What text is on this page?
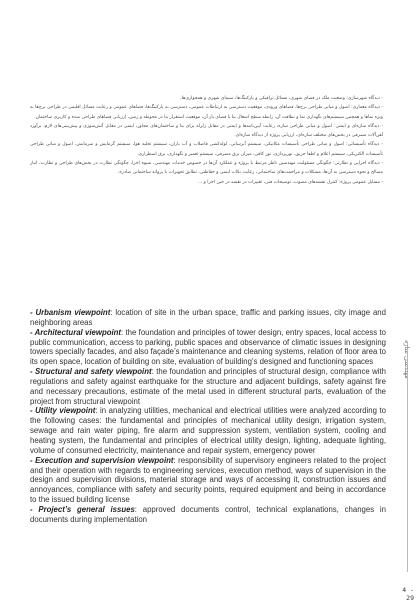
- دیدگاه شهرسازی: وضعیت ملک در فضای شهری، مسائل ترافیکی و پارکینگ‌ها، سیمای شهری و همجواری‌ها.

- دیدگاه معماری: اصول و مبانی طراحی برج‌ها، فضاهای ورودی، موقعیت دسترسی به ارتباطات عمومی، دسترسی به پارکینگ‌ها، فضاهای عمومی و رعایت مسائل اقلیمی در طراحی برج‌ها به ویژه نماها و همچنین سیستم‌های نگهداری نما و نظافت آن، رابطه سطح اشغال بنا با فضای باز آن، موقعیت استقرار بنا در محوطه و زمین، ارزیابی فضاهای طراحی شده و کاربری ساختمان.

- دیدگاه سازه‌ای و ایمنی: اصول و مبانی طراحی سازه، رعایت آیین‌نامه‌ها و ایمنی در مقابل زلزله برای بنا و ساختمان‌های مجاور، ایمنی در مقابل آتش‌سوزی و پیش‌بینی‌های لازم، برآورد آهن‌آلات مصرفی در بخش‌های مختلف سازه‌ای، ارزیابی پروژه از دیدگاه سازه‌ای.

- دیدگاه تأسیساتی: اصول و مبانی طراحی تأسیسات مکانیکی، سیستم آبرسانی، لوله‌کشی فاضلاب و آب باران، سیستم تخلیه هوا، سیستم گرمایش و سرمایش، اصول و مبانی طراحی تأسیسات الکتریکی، سیستم اعلام و اطفا حریق، نورپردازی، نور کافی، میزان برق مصرفی، سیستم تعمیر و نگهداری، برق اضطراری.

- دیدگاه اجرایی و نظارتی: چگونگی مسئولیت مهندسین ناظر مرتبط با پروژه و عملکرد آن‌ها در خصوص خدمات مهندسی، شیوه اجرا، چگونگی نظارت در بخش‌های طراحی و نظارت، انبار مصالح و نحوه دسترسی به آن‌ها، مشکلات و مزاحمت‌های ساختمانی، رعایت نکات ایمنی و حفاظتی، تطابق تجهیزات با پروانه ساختمانی صادره.

- مسایل عمومی پروژه: کنترل نقشه‌های مصوب، توضیحات فنی، تغییرات در نقشه در حین اجرا و ...

- Urbanism viewpoint: location of site in the urban space, traffic and parking issues, city image and neighboring areas

- Architectural viewpoint: the foundation and principles of tower design, entry spaces, local access to public communication, access to parking, public spaces and observance of climatic issues in designing towers specially facades, and also façade’s maintenance and cleaning systems, relation of floor area to its open space, location of building on site, evaluation of building’s designed and functioning spaces

- Structural and safety viewpoint: the foundation and principles of structural design, compliance with regulations and safety against earthquake for the structure and adjacent buildings, safety against fire and necessary precautions, estimate of the metal used in different structural parts, evaluation of the project from structural viewpoint

- Utility viewpoint: in analyzing utilities, mechanical and electrical utilities were analyzed according to the following cases: the fundamental and principles of mechanical utility design, irrigation system, sewage and rain water piping, fire alarm and suppression system, ventilation system, cooling and heating system, the fundamental and principles of electrical utility design, lighting, adequate lighting, volume of consumed electricity, maintenance and repair system, emergency power

- Execution and supervision viewpoint: responsibility of supervisory engineers related to the project and their operation with regards to engineering services, execution method, ways of supervision in the design and supervision divisions, material storage and ways of accessing it, construction issues and annoyances, compliance with safety and security points, required equipment and being in accordance to the issued building license

- Project’s general issues: approved documents control, technical explanations, changes in documents during implementation

مهندسی سازه
4 - 29
